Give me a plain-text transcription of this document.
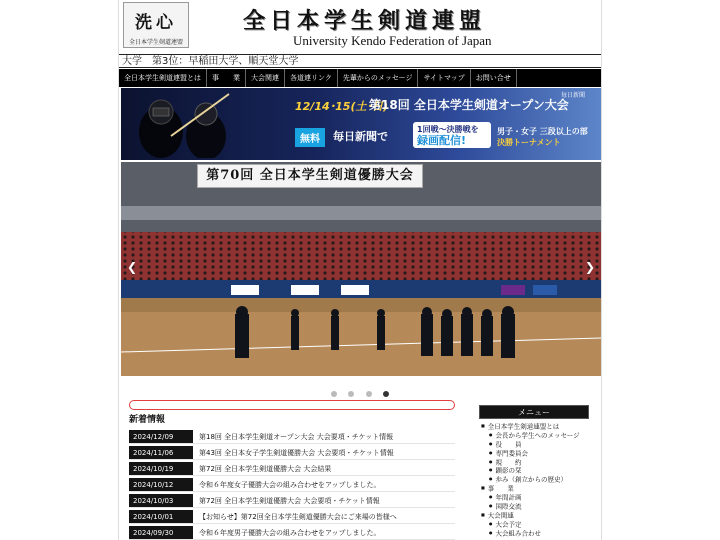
洗心
全日本学生剣道連盟
全日本学生剣道連盟
University Kendo Federation of Japan
大学　第3位：早稲田大学、順天堂大学
全日本学生剣道連盟とは	事　　業	大会関連	各道連リンク	先輩からのメッセージ	サイトマップ	お問い合せ
12/14･15(土･日)
第18回 全日本学生剣道オープン大会
無料	毎日新聞で
1回戦～決勝戦を
録画配信!
男子・女子 三段以上の部
決勝トーナメント
毎日新聞
第70回 全日本学生剣道優勝大会
❮	❯

新着情報
2024/12/09	第18回 全日本学生剣道オープン大会 大会要項・チケット情報
2024/11/06	第43回 全日本女子学生剣道優勝大会 大会要項・チケット情報
2024/10/19	第72回 全日本学生剣道優勝大会 大会結果
2024/10/12	令和６年度女子優勝大会の組み合わせをアップしました。
2024/10/03	第72回 全日本学生剣道優勝大会 大会要項・チケット情報
2024/10/01	【お知らせ】第72回全日本学生剣道優勝大会にご来場の皆様へ
2024/09/30	令和６年度男子優勝大会の組み合わせをアップしました。
メニュー
■ 全日本学生剣道連盟とは
● 会長から学生へのメッセージ
● 役　　員
● 専門委員会
● 規　　約
● 顕彰の栞
● 歩み（創立からの歴史）
■ 事　　業
● 年間計画
● 国際交流
■ 大会関連
● 大会予定
● 大会組み合わせ
